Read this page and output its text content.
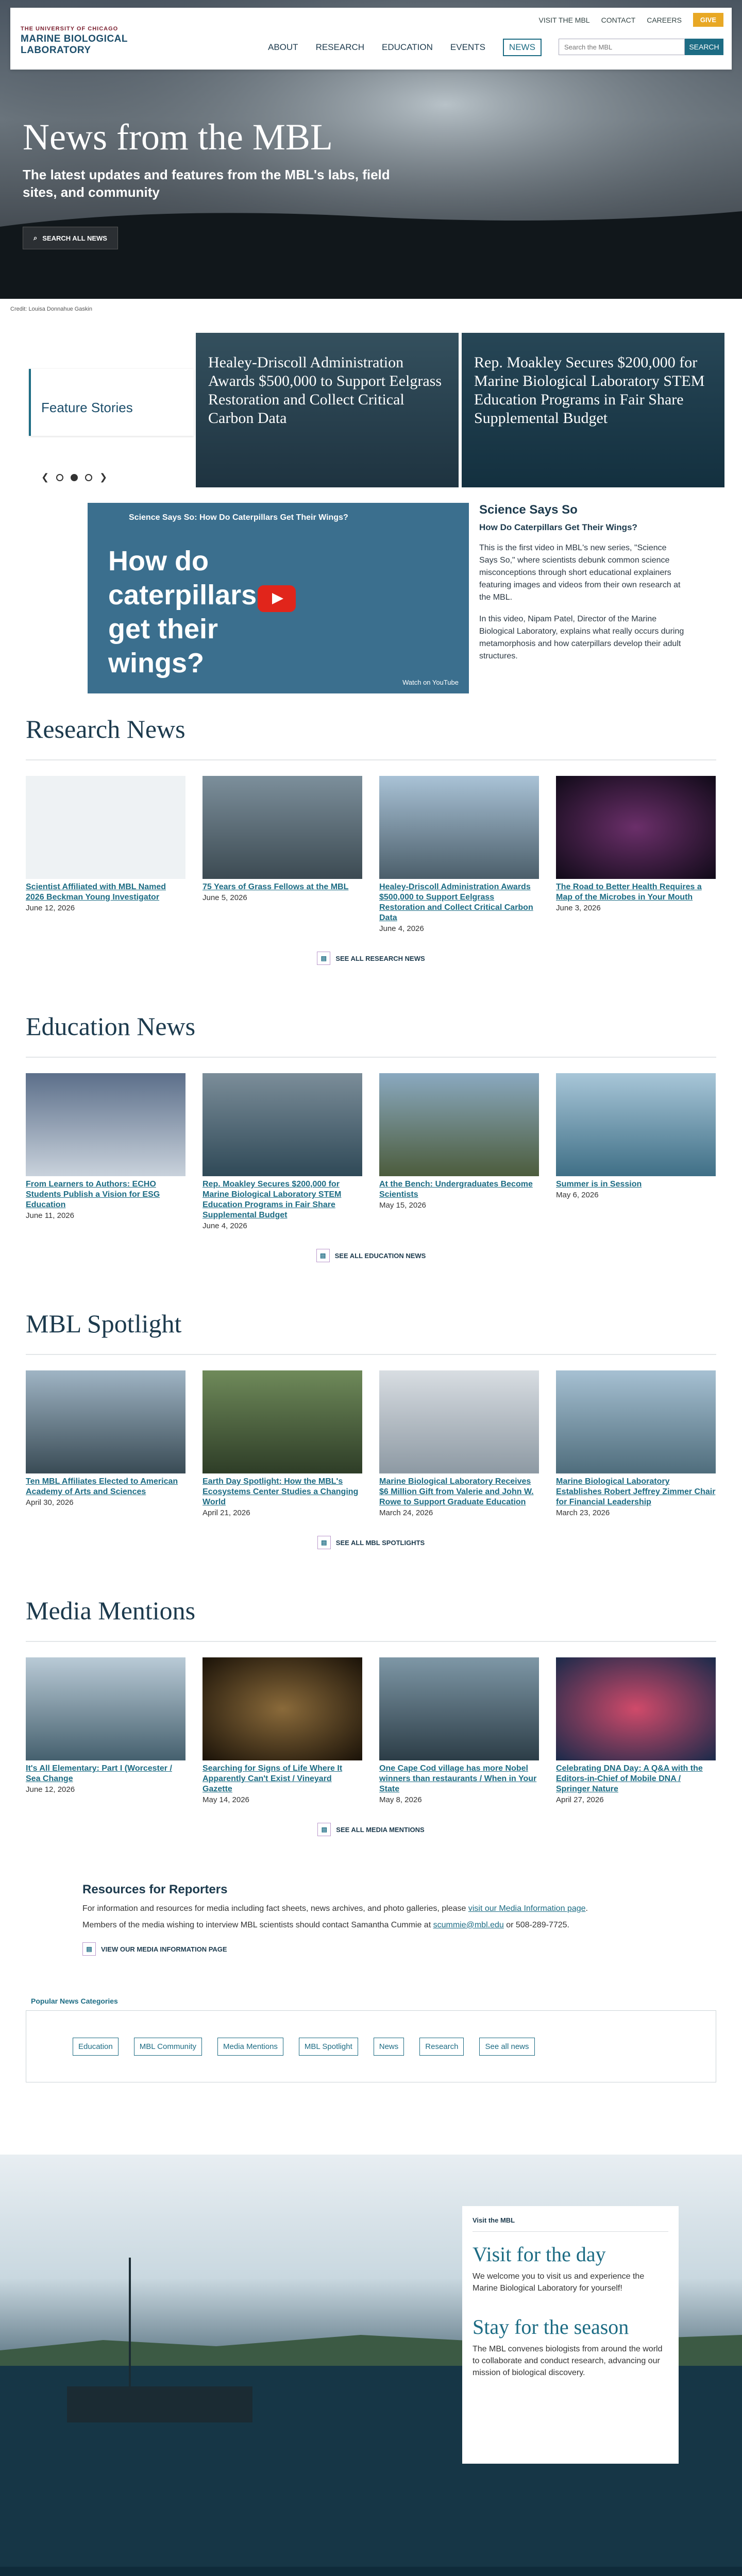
THE UNIVERSITY OF CHICAGO
MARINE BIOLOGICAL
LABORATORY
VISIT THE MBL CONTACT CAREERS	GIVE
ABOUT RESEARCH EDUCATION EVENTS	NEWS
Search the MBL	SEARCH
News from the MBL

The latest updates and features from the MBL's labs, field sites, and community

⌕ SEARCH ALL NEWS
Credit: Louisa Donnahue Gaskin
Feature Stories
Healey-Driscoll Administration Awards $500,000 to Support Eelgrass Restoration and Collect Critical Carbon Data
Rep. Moakley Secures $200,000 for Marine Biological Laboratory STEM Education Programs in Fair Share Supplemental Budget
❮	❯
Science Says So: How Do Caterpillars Get Their Wings?
How do caterpillars get their wings?
Watch on YouTube
Science Says So
How Do Caterpillars Get Their Wings?

This is the first video in MBL's new series, "Science Says So," where scientists debunk common science misconceptions through short educational explainers featuring images and videos from their own research at the MBL.

In this video, Nipam Patel, Director of the Marine Biological Laboratory, explains what really occurs during metamorphosis and how caterpillars develop their adult structures.

Research News
Scientist Affiliated with MBL Named 2026 Beckman Young Investigator
June 12, 2026
75 Years of Grass Fellows at the MBL
June 5, 2026
Healey-Driscoll Administration Awards $500,000 to Support Eelgrass Restoration and Collect Critical Carbon Data
June 4, 2026
The Road to Better Health Requires a Map of the Microbes in Your Mouth
June 3, 2026
▤	SEE ALL RESEARCH NEWS
Education News
From Learners to Authors: ECHO Students Publish a Vision for ESG Education
June 11, 2026
Rep. Moakley Secures $200,000 for Marine Biological Laboratory STEM Education Programs in Fair Share Supplemental Budget
June 4, 2026
At the Bench: Undergraduates Become Scientists
May 15, 2026
Summer is in Session
May 6, 2026
▤	SEE ALL EDUCATION NEWS
MBL Spotlight
Ten MBL Affiliates Elected to American Academy of Arts and Sciences
April 30, 2026
Earth Day Spotlight: How the MBL's Ecosystems Center Studies a Changing World
April 21, 2026
Marine Biological Laboratory Receives $6 Million Gift from Valerie and John W. Rowe to Support Graduate Education
March 24, 2026
Marine Biological Laboratory Establishes Robert Jeffrey Zimmer Chair for Financial Leadership
March 23, 2026
▤	SEE ALL MBL SPOTLIGHTS
Media Mentions
It's All Elementary: Part I (Worcester / Sea Change
June 12, 2026
Searching for Signs of Life Where It Apparently Can't Exist / Vineyard Gazette
May 14, 2026
One Cape Cod village has more Nobel winners than restaurants / When in Your State
May 8, 2026
Celebrating DNA Day: A Q&A with the Editors-in-Chief of Mobile DNA / Springer Nature
April 27, 2026
▤	SEE ALL MEDIA MENTIONS
Resources for Reporters

For information and resources for media including fact sheets, news archives, and photo galleries, please visit our Media Information page.

Members of the media wishing to interview MBL scientists should contact Samantha Cummie at scummie@mbl.edu or 508-289-7725.

▤	VIEW OUR MEDIA INFORMATION PAGE
Popular News Categories
Education	MBL Community	Media Mentions	MBL Spotlight	News	Research	See all news
Visit the MBL
Visit for the day

We welcome you to visit us and experience the Marine Biological Laboratory for yourself!

Stay for the season

The MBL convenes biologists from around the world to collaborate and conduct research, advancing our mission of biological discovery.
